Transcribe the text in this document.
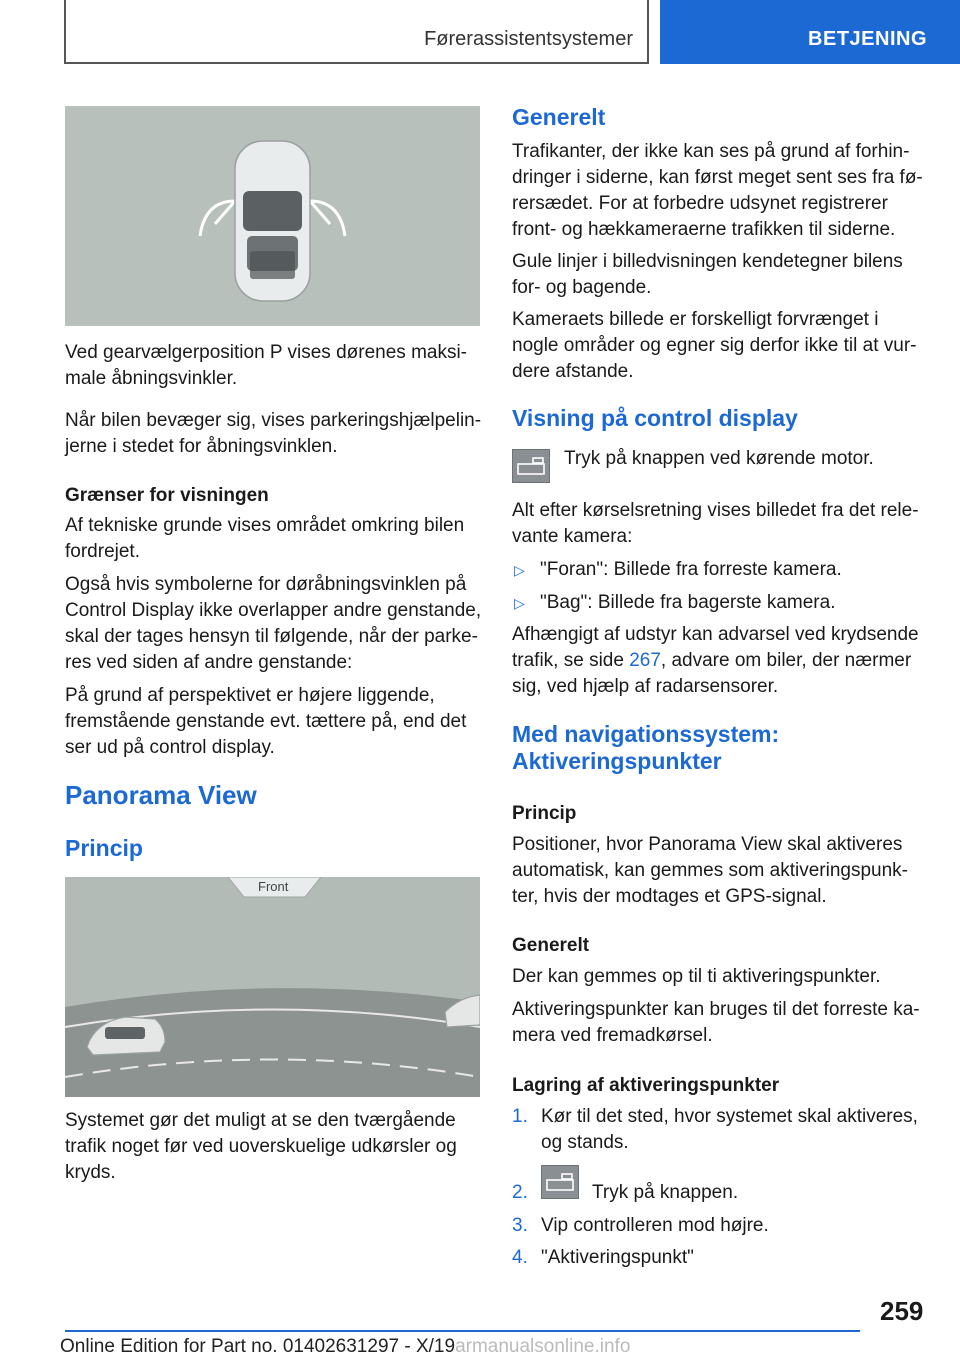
Førerassistentsystemer	BETJENING

Ved gearvælgerposition P vises dørenes maksi-

male åbningsvinkler.

Når bilen bevæger sig, vises parkeringshjælpelin-

jerne i stedet for åbningsvinklen.

Grænser for visningen

Af tekniske grunde vises området omkring bilen

fordrejet.

Også hvis symbolerne for døråbningsvinklen på

Control Display ikke overlapper andre genstande,

skal der tages hensyn til følgende, når der parke-

res ved siden af andre genstande:

På grund af perspektivet er højere liggende,

fremstående genstande evt. tættere på, end det

ser ud på control display.

Panorama View
Princip
Front

Systemet gør det muligt at se den tværgående

trafik noget før ved uoverskuelige udkørsler og

kryds.

Generelt

Trafikanter, der ikke kan ses på grund af forhin-

dringer i siderne, kan først meget sent ses fra fø-

rersædet. For at forbedre udsynet registrerer

front- og hækkameraerne trafikken til siderne.

Gule linjer i billedvisningen kendetegner bilens

for- og bagende.

Kameraets billede er forskelligt forvrænget i

nogle områder og egner sig derfor ikke til at vur-

dere afstande.

Visning på control display

Tryk på knappen ved kørende motor.

Alt efter kørselsretning vises billedet fra det rele-

vante kamera:

▷ "Foran": Billede fra forreste kamera.

▷ "Bag": Billede fra bagerste kamera.

Afhængigt af udstyr kan advarsel ved krydsende

trafik, se side 267, advare om biler, der nærmer

sig, ved hjælp af radarsensorer.

Med navigationssystem:
Aktiveringspunkter

Princip

Positioner, hvor Panorama View skal aktiveres

automatisk, kan gemmes som aktiveringspunk-

ter, hvis der modtages et GPS-signal.

Generelt

Der kan gemmes op til ti aktiveringspunkter.

Aktiveringspunkter kan bruges til det forreste ka-

mera ved fremadkørsel.

Lagring af aktiveringspunkter

1. Kør til det sted, hvor systemet skal aktiveres,

og stands.

2.	Tryk på knappen.

3. Vip controlleren mod højre.

4. "Aktiveringspunkt"

259
Online Edition for Part no. 01402631297 - X/19armanualsonline.info
